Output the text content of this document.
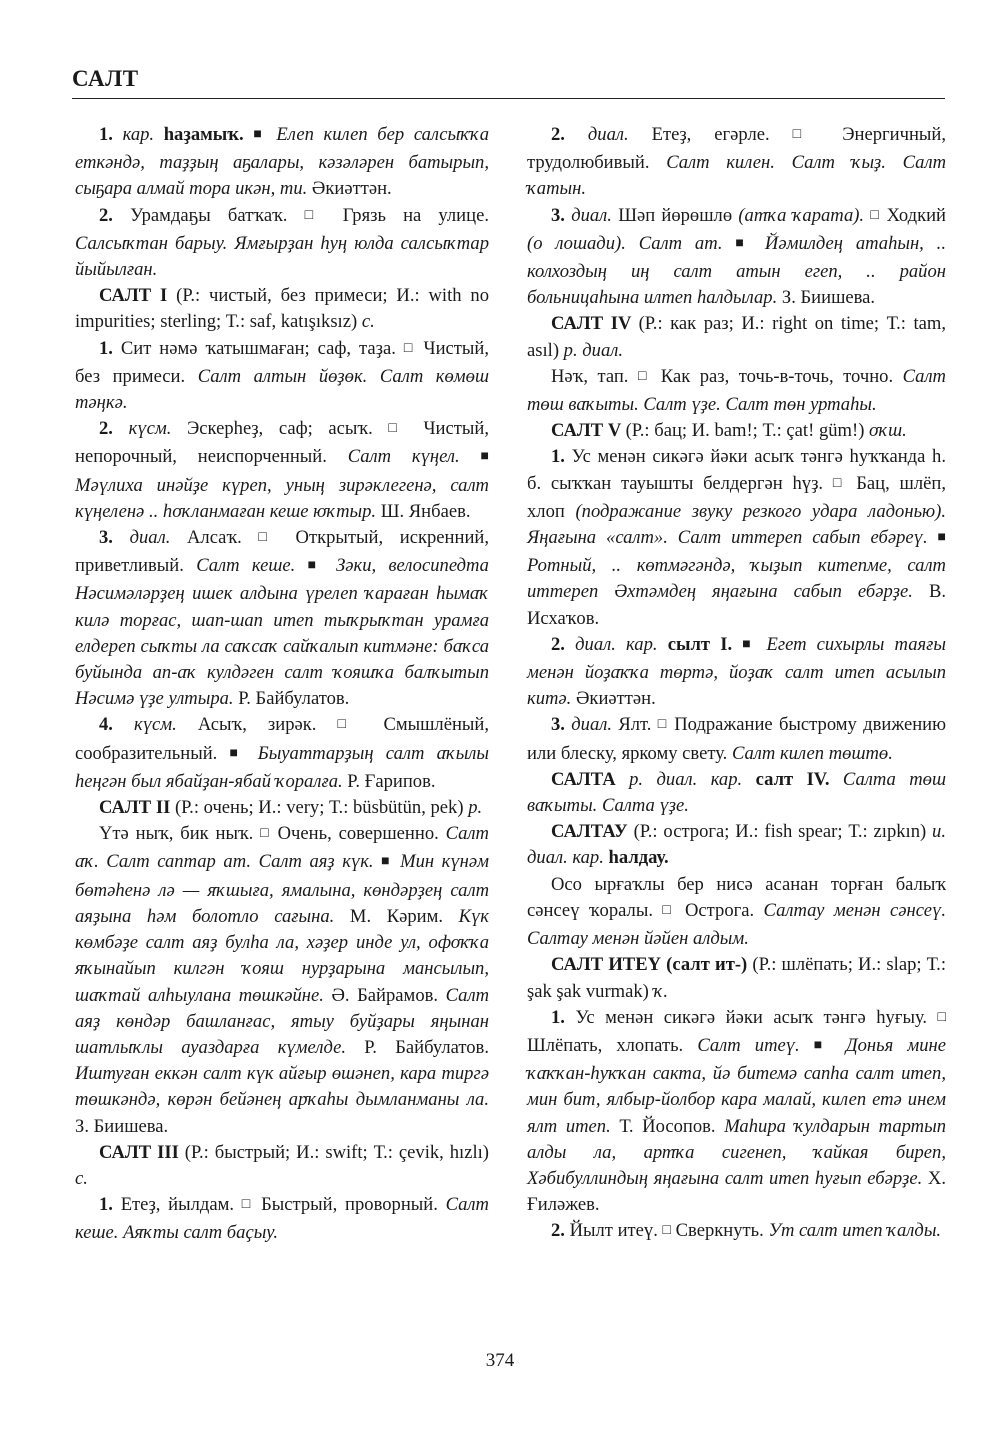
САЛТ

1. кар. һаҙамыҡ. ■ Елеп килеп бер салсыҡҡа еткәндә, таҙҙың аҕалары, кәзәләрен батырып, сыҕара алмай тора икән, ти. Әкиәттән.

2. Урамдаҕы батҡаҡ. □ Грязь на улице. Салсыҡтан барыу. Ямғырҙан һуң юлда салсыҡтар йыйылған.

САЛТ I (Р.: чистый, без примеси; И.: with no impurities; sterling; Т.: saf, katışıksız) с.

1. Сит нәмә ҡатышмаған; саф, таҙа. □ Чистый, без примеси. Салт алтын йөҙөк. Салт көмөш тәңкә.

2. күсм. Эскерһеҙ, саф; асыҡ. □ Чистый, непорочный, неиспорченный. Салт күңел. ■ Мәүлиха инәйҙе күреп, уның зирәклегенә, салт күңеленә .. һоҡланмаған кеше юҡтыр. Ш. Янбаев.

3. диал. Алсаҡ. □ Открытый, искренний, приветливый. Салт кеше. ■ Зәки, велосипедта Нәсимәләрҙең ишек алдына үрелеп ҡараған һымаҡ килә торғас, шап-шап итеп тыҡрыҡтан урамға елдереп сыҡты ла саҡсаҡ сайҡалып китмәне: баҡса буйында ап-аҡ кулдәген салт ҡояшҡа балҡытып Нәсимә үҙе ултыра. Р. Байбулатов.

4. күсм. Асыҡ, зирәк. □ Смышлёный, сообразительный. ■ Быуаттарҙың салт аҡылы һеңгән был ябайҙан-ябай ҡоралға. Р. Ғарипов.

САЛТ II (Р.: очень; И.: very; Т.: büsbütün, pek) р.

Үтә ныҡ, бик ныҡ. □ Очень, совершенно. Салт аҡ. Салт саптар ат. Салт аяҙ күк. ■ Мин күнәм бөтәһенә лә — яҡшыға, ямалына, көндәрҙең салт аяҙына һәм болотло сағына. М. Кәрим. Күк көмбәҙе салт аяҙ булһа ла, хәҙер инде ул, офоҡҡа яҡынайып килгән ҡояш нурҙарына мансылып, шаҡтай алһыулана төшкәйне. Ә. Байрамов. Салт аяҙ көндәр башланғас, ятыу буйҙары яңынан шатлыҡлы ауаздарға күмелде. Р. Байбулатов. Иштуған еккән салт күк айғыр өшәнеп, кара тиргә төшкәндә, көрән бейәнең арҡаһы дымланманы ла. З. Биишева.

САЛТ III (Р.: быстрый; И.: swift; Т.: çevik, hızlı) с.

1. Етеҙ, йылдам. □ Быстрый, проворный. Салт кеше. Аяҡты салт баҫыу.

2. диал. Етеҙ, егәрле. □ Энергичный, трудолюбивый. Салт килен. Салт ҡыҙ. Салт ҡатын.

3. диал. Шәп йөрөшлө (атҡа ҡарата). □ Ходкий (о лошади). Салт ат. ■ Йәмилдең атаһын, .. колхоздың иң салт атын егеп, .. район больницаһына илтеп һалдылар. З. Биишева.

САЛТ IV (Р.: как раз; И.: right on time; Т.: tam, asıl) р. диал.

Нәҡ, тап. □ Как раз, точь-в-точь, точно. Салт төш ваҡыты. Салт үҙе. Салт төн уртаһы.

САЛТ V (Р.: бац; И. bam!; Т.: çat! güm!) оҡш.

1. Ус менән сикәгә йәки асыҡ тәнгә һуҡҡанда һ. б. сыҡҡан тауышты белдергән һүҙ. □ Бац, шлёп, хлоп (подражание звуку резкого удара ладонью). Яңағына «салт». Салт иттереп сабып ебәреү. ■ Ротный, .. көтмәгәндә, ҡыҙып китепме, салт иттереп Әхтәмдең яңағына сабып ебәрҙе. В. Исхаҡов.

2. диал. кар. сылт I. ■ Егет сихырлы таяғы менән йоҙаҡҡа төртә, йоҙаҡ салт итеп асылып китә. Әкиәттән.

3. диал. Ялт. □ Подражание быстрому движению или блеску, яркому свету. Салт килеп төштө.

САЛТА р. диал. кар. салт IV. Салта төш ваҡыты. Салта үҙе.

САЛТАУ (Р.: острога; И.: fish spear; Т.: zıpkın) и. диал. кар. һалдау.

Осо ырғаҡлы бер нисә асанан торған балыҡ сәнсеү ҡоралы. □ Острога. Салтау менән сәнсеү. Салтау менән йәйен алдым.

САЛТ ИТЕҮ (салт ит-) (Р.: шлёпать; И.: slap; Т.: şak şak vurmak) ҡ.

1. Ус менән сикәгә йәки асыҡ тәнгә һуғыу. □ Шлёпать, хлопать. Салт итеү. ■ Донья мине ҡаҡҡан-һуҡҡан сакта, йә битемә сапһа салт итеп, мин бит, ялбыр-йолбор кара малай, килеп етә инем ялт итеп. Т. Йосопов. Маһира ҡулдарын тартып алды ла, артҡа сигенеп, ҡайкая биреп, Хәбибуллиндың яңағына салт итеп һуғып ебәрҙе. Х. Ғиләжев.

2. Йылт итеү. □ Сверкнуть. Ут салт итеп ҡалды.

374
